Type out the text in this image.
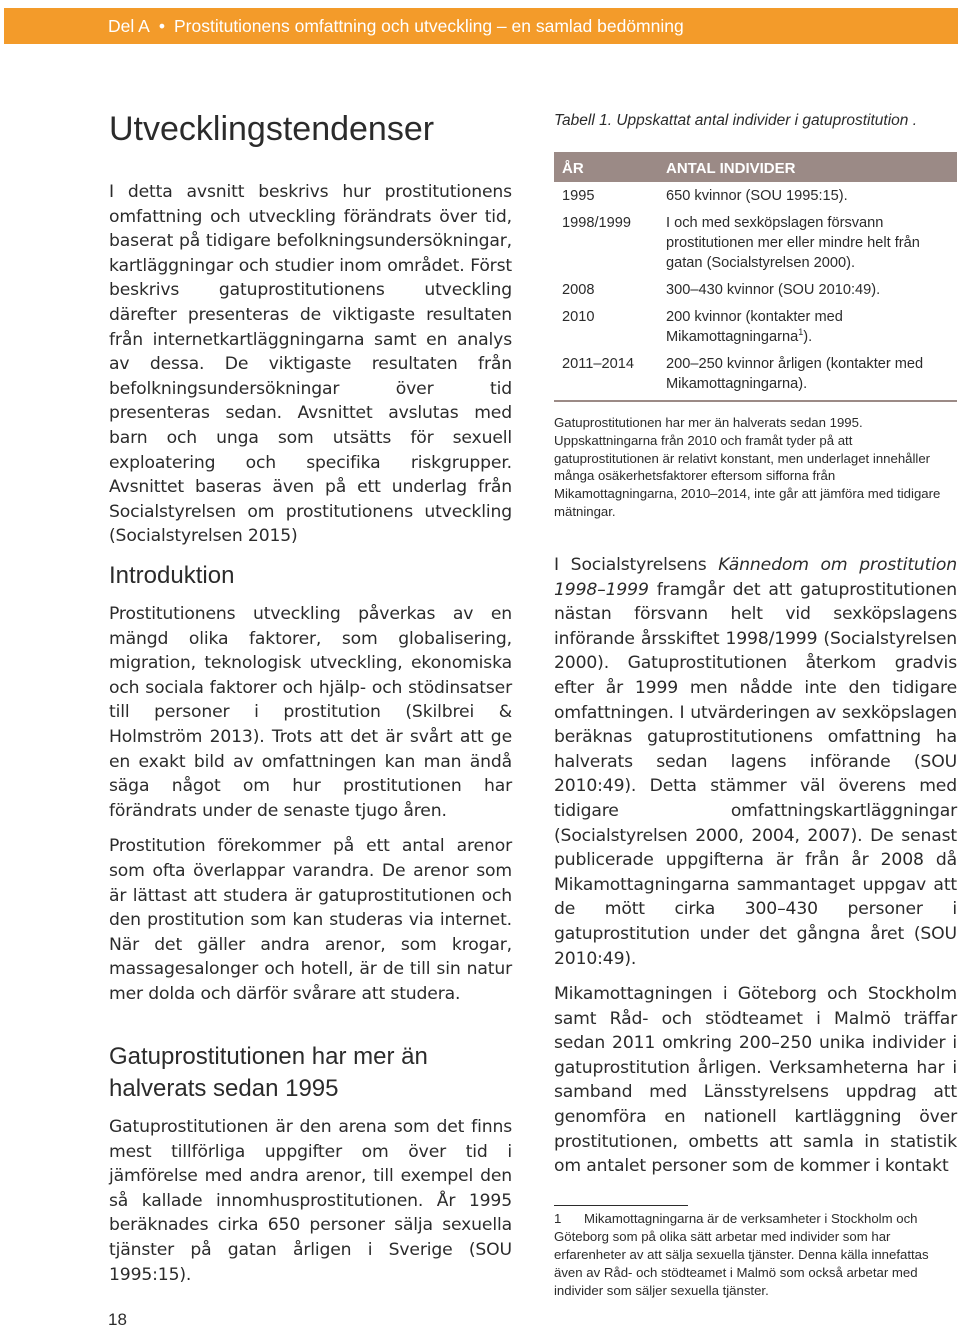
Del A • Prostitutionens omfattning och utveckling – en samlad bedömning
Utvecklingstendenser

I detta avsnitt beskrivs hur prostitutionens omfattning och utveckling förändrats över tid, baserat på tidigare befolkningsundersökningar, kartläggningar och studier inom området. Först beskrivs gatuprostitutionens utveckling därefter presenteras de viktigaste resultaten från internetkartläggningarna samt en analys av dessa. De viktigaste resultaten från befolkningsundersökningar över tid presenteras sedan. Avsnittet avslutas med barn och unga som utsätts för sexuell exploatering och specifika riskgrupper. Avsnittet baseras även på ett underlag från Socialstyrelsen om prostitutionens utveckling (Socialstyrelsen 2015)

Introduktion

Prostitutionens utveckling påverkas av en mängd olika faktorer, som globalisering, migration, teknologisk utveckling, ekonomiska och sociala faktorer och hjälp- och stödinsatser till personer i prostitution (Skilbrei & Holmström 2013). Trots att det är svårt att ge en exakt bild av omfattningen kan man ändå säga något om hur prostitutionen har förändrats under de senaste tjugo åren.

Prostitution förekommer på ett antal arenor som ofta överlappar varandra. De arenor som är lättast att studera är gatuprostitutionen och den prostitution som kan studeras via internet. När det gäller andra arenor, som krogar, massagesalonger och hotell, är de till sin natur mer dolda och därför svårare att studera.

Gatuprostitutionen har mer än halverats sedan 1995

Gatuprostitutionen är den arena som det finns mest tillförliga uppgifter om över tid i jämförelse med andra arenor, till exempel den så kallade innomhusprostitutionen. År 1995 beräknades cirka 650 personer sälja sexuella tjänster på gatan årligen i Sverige (SOU 1995:15).

Tabell 1. Uppskattat antal individer i gatuprostitution .
ÅR	ANTAL INDIVIDER
1995	650 kvinnor (SOU 1995:15).
1998/1999	I och med sexköpslagen försvann prostitutionen mer eller mindre helt från gatan (Socialstyrelsen 2000).
2008	300–430 kvinnor (SOU 2010:49).
2010	200 kvinnor (kontakter med Mikamottagningarna$^1$).
2011–2014	200–250 kvinnor årligen (kontakter med Mikamottagningarna).
Gatuprostitutionen har mer än halverats sedan 1995. Uppskattningarna från 2010 och framåt tyder på att gatuprostitutionen är relativt konstant, men underlaget innehåller många osäkerhetsfaktorer eftersom sifforna från Mikamottagningarna, 2010–2014, inte går att jämföra med tidigare mätningar.

I Socialstyrelsens Kännedom om prostitution 1998–1999 framgår det att gatuprostitutionen nästan försvann helt vid sexköpslagens införande årsskiftet 1998/1999 (Socialstyrelsen 2000). Gatuprostitutionen återkom gradvis efter år 1999 men nådde inte den tidigare omfattningen. I utvärderingen av sexköpslagen beräknas gatuprostitutionens omfattning ha halverats sedan lagens införande (SOU 2010:49). Detta stämmer väl överens med tidigare omfattningskartläggningar (Socialstyrelsen 2000, 2004, 2007). De senast publicerade uppgifterna är från år 2008 då Mikamottagningarna sammantaget uppgav att de mött cirka 300–430 personer i gatuprostitution under det gångna året (SOU 2010:49).

Mikamottagningen i Göteborg och Stockholm samt Råd- och stödteamet i Malmö träffar sedan 2011 omkring 200–250 unika individer i gatuprostitution årligen. Verksamheterna har i samband med Länsstyrelsens uppdrag att genomföra en nationell kartläggning över prostitutionen, ombetts att samla in statistik om antalet personer som de kommer i kontakt

1 Mikamottagningarna är de verksamheter i Stockholm och Göteborg som på olika sätt arbetar med individer som har erfarenheter av att sälja sexuella tjänster. Denna källa innefattas även av Råd- och stödteamet i Malmö som också arbetar med individer som säljer sexuella tjänster.
18
